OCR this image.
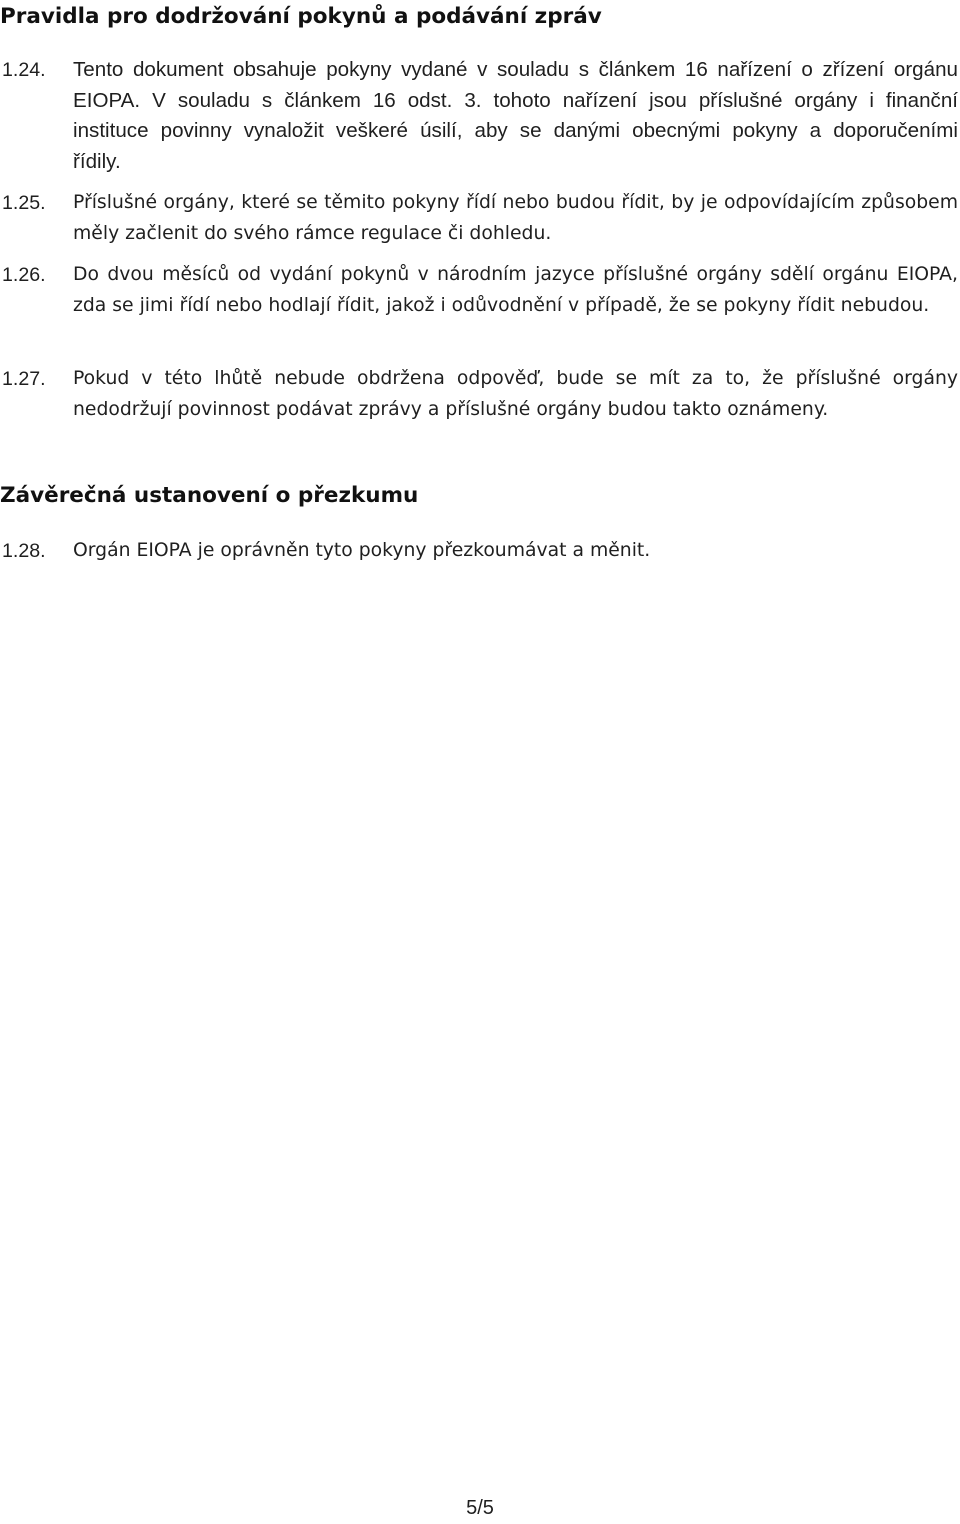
Pravidla pro dodržování pokynů a podávání zpráv
1.24. Tento dokument obsahuje pokyny vydané v souladu s článkem 16 nařízení o zřízení orgánu EIOPA. V souladu s článkem 16 odst. 3. tohoto nařízení jsou příslušné orgány i finanční instituce povinny vynaložit veškeré úsilí, aby se danými obecnými pokyny a doporučeními řídily.
1.25. Příslušné orgány, které se těmito pokyny řídí nebo budou řídit, by je odpovídajícím způsobem měly začlenit do svého rámce regulace či dohledu.
1.26. Do dvou měsíců od vydání pokynů v národním jazyce příslušné orgány sdělí orgánu EIOPA, zda se jimi řídí nebo hodlají řídit, jakož i odůvodnění v případě, že se pokyny řídit nebudou.
1.27. Pokud v této lhůtě nebude obdržena odpověď, bude se mít za to, že příslušné orgány nedodržují povinnost podávat zprávy a příslušné orgány budou takto oznámeny.
Závěrečná ustanovení o přezkumu
1.28. Orgán EIOPA je oprávněn tyto pokyny přezkoumávat a měnit.
5/5
